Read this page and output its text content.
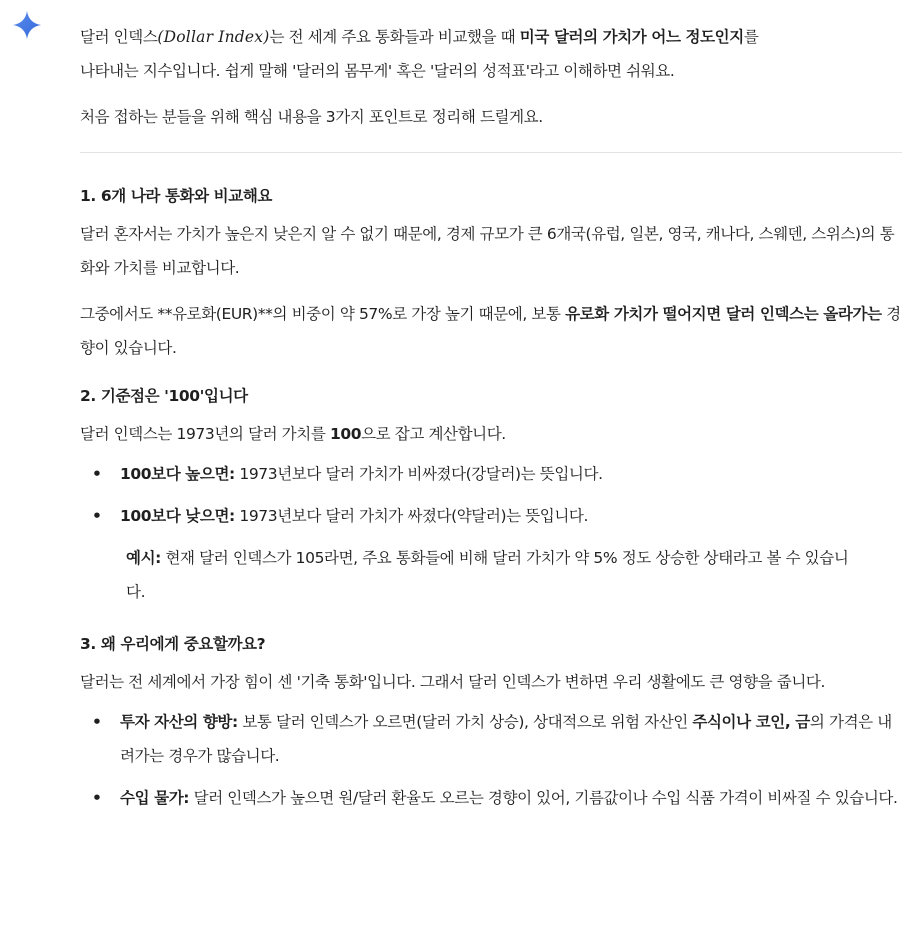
달러 인덱스(Dollar Index)는 전 세계 주요 통화들과 비교했을 때 미국 달러의 가치가 어느 정도인지를
나타내는 지수입니다. 쉽게 말해 '달러의 몸무게' 혹은 '달러의 성적표'라고 이해하면 쉬워요.

처음 접하는 분들을 위해 핵심 내용을 3가지 포인트로 정리해 드릴게요.

1. 6개 나라 통화와 비교해요

달러 혼자서는 가치가 높은지 낮은지 알 수 없기 때문에, 경제 규모가 큰 6개국(유럽, 일본, 영국, 캐나다, 스웨덴, 스위스)의 통화와 가치를 비교합니다.

그중에서도 **유로화(EUR)**의 비중이 약 57%로 가장 높기 때문에, 보통 유로화 가치가 떨어지면 달러 인덱스는 올라가는 경향이 있습니다.

2. 기준점은 '100'입니다

달러 인덱스는 1973년의 달러 가치를 100으로 잡고 계산합니다.

• 100보다 높으면: 1973년보다 달러 가치가 비싸졌다(강달러)는 뜻입니다.
• 100보다 낮으면: 1973년보다 달러 가치가 싸졌다(약달러)는 뜻입니다.

예시: 현재 달러 인덱스가 105라면, 주요 통화들에 비해 달러 가치가 약 5% 정도 상승한 상태라고 볼 수 있습니다.

3. 왜 우리에게 중요할까요?

달러는 전 세계에서 가장 힘이 센 '기축 통화'입니다. 그래서 달러 인덱스가 변하면 우리 생활에도 큰 영향을 줍니다.

• 투자 자산의 향방: 보통 달러 인덱스가 오르면(달러 가치 상승), 상대적으로 위험 자산인 주식이나 코인, 금의 가격은 내려가는 경우가 많습니다.
• 수입 물가: 달러 인덱스가 높으면 원/달러 환율도 오르는 경향이 있어, 기름값이나 수입 식품 가격이 비싸질 수 있습니다.
